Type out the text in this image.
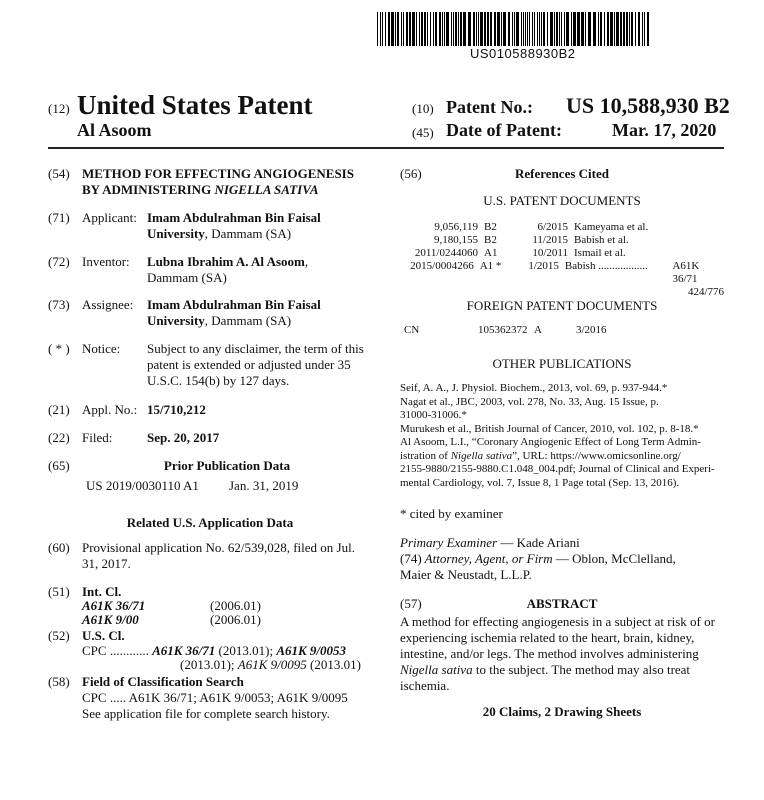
US010588930B2
(12) United States Patent
Al Asoom
(10) Patent No.: US 10,588,930 B2
(45) Date of Patent:	Mar. 17, 2020
(54) METHOD FOR EFFECTING ANGIOGENESIS
BY ADMINISTERING NIGELLA SATIVA
(71) Applicant: Imam Abdulrahman Bin Faisal
University, Dammam (SA)
(72) Inventor: Lubna Ibrahim A. Al Asoom,
Dammam (SA)
(73) Assignee: Imam Abdulrahman Bin Faisal
University, Dammam (SA)
( * ) Notice: Subject to any disclaimer, the term of this
patent is extended or adjusted under 35
U.S.C. 154(b) by 127 days.
(21) Appl. No.: 15/710,212
(22) Filed:	Sep. 20, 2017
(65)	Prior Publication Data
US 2019/0030110 A1 Jan. 31, 2019
Related U.S. Application Data
(60) Provisional application No. 62/539,028, filed on Jul.
31, 2017.
(51) Int. Cl.
A61K 36/71	(2006.01)
A61K 9/00	(2006.01)
(52) U.S. Cl.
CPC ............ A61K 36/71 (2013.01); A61K 9/0053
(2013.01); A61K 9/0095 (2013.01)
(58) Field of Classification Search
CPC ..... A61K 36/71; A61K 9/0053; A61K 9/0095
See application file for complete search history.
(56)	References Cited
U.S. PATENT DOCUMENTS
9,056,119 B2	6/2015 Kameyama et al.
9,180,155 B2	11/2015 Babish et al.
2011/0244060 A1	10/2011 Ismail et al.
2015/0004266 A1 *	1/2015 Babish ..................	A61K 36/71
424/776
FOREIGN PATENT DOCUMENTS
CN	105362372 A	3/2016
OTHER PUBLICATIONS
Seif, A. A., J. Physiol. Biochem., 2013, vol. 69, p. 937-944.*
Nagat et al., JBC, 2003, vol. 278, No. 33, Aug. 15 Issue, p.
31000-31006.*
Murukesh et al., British Journal of Cancer, 2010, vol. 102, p. 8-18.*
Al Asoom, L.I., “Coronary Angiogenic Effect of Long Term Admin-
istration of Nigella sativa”, URL: https://www.omicsonline.org/
2155-9880/2155-9880.C1.048_004.pdf; Journal of Clinical and Experi-
mental Cardiology, vol. 7, Issue 8, 1 Page total (Sep. 13, 2016).
* cited by examiner
Primary Examiner — Kade Ariani
(74) Attorney, Agent, or Firm — Oblon, McClelland,
Maier & Neustadt, L.L.P.
(57)	ABSTRACT
A method for effecting angiogenesis in a subject at risk of or
experiencing ischemia related to the heart, brain, kidney,
intestine, and/or legs. The method involves administering
Nigella sativa to the subject. The method may also treat
ischemia.
20 Claims, 2 Drawing Sheets
